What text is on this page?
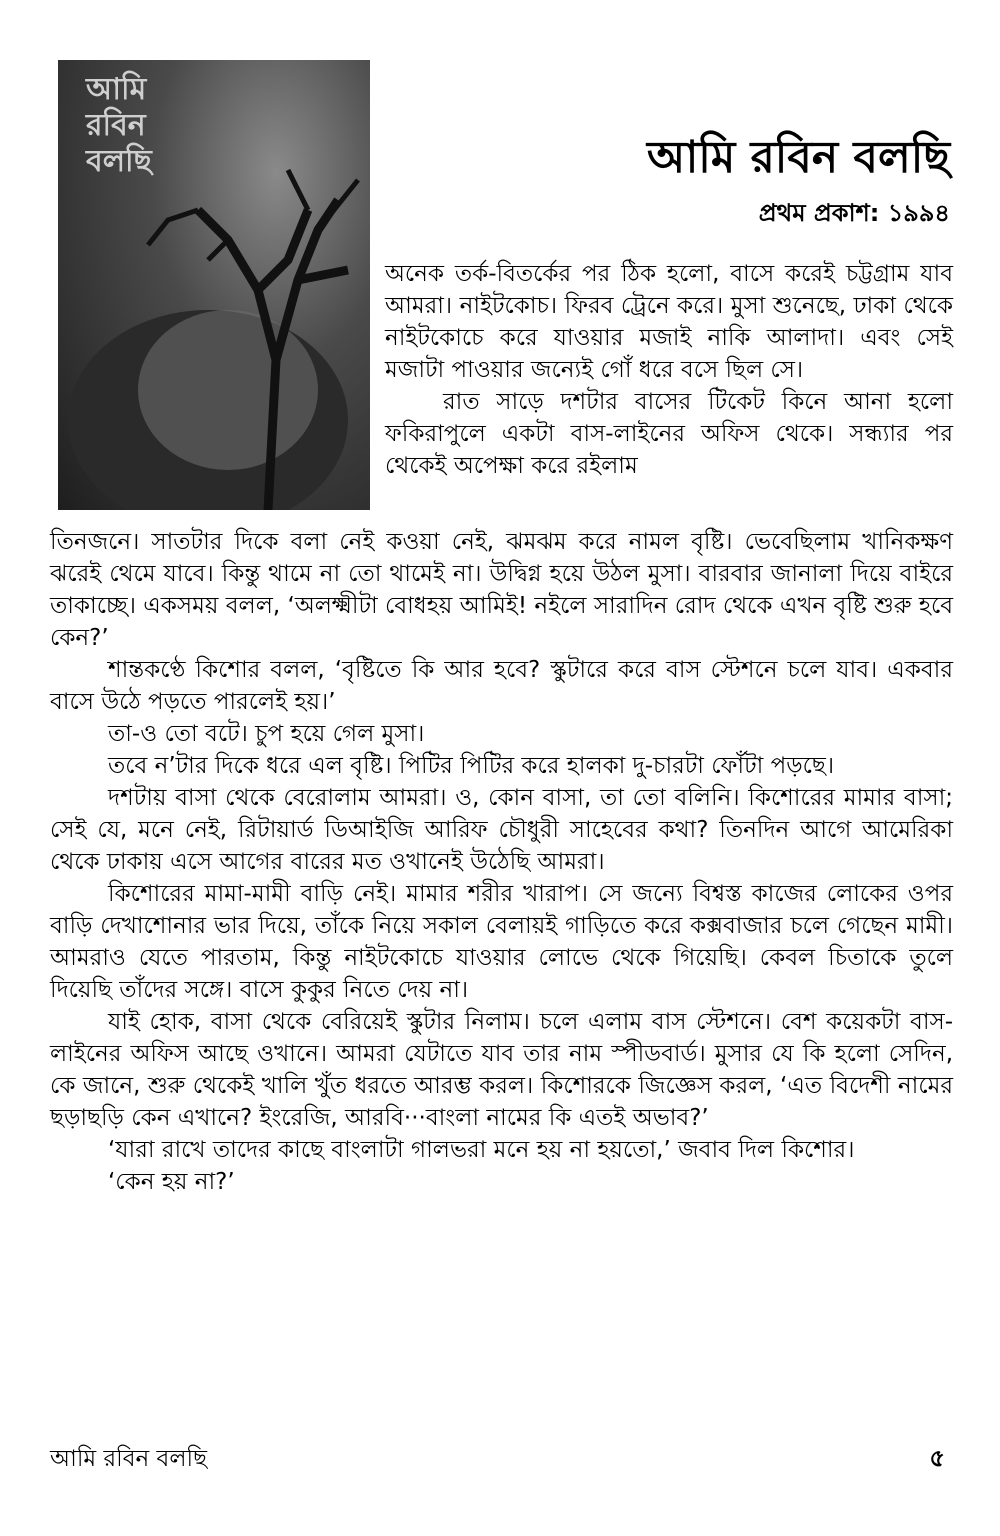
আমি
রবিন
বলছি	আমি রবিন বলছি
প্রথম প্রকাশ: ১৯৯৪

অনেক তর্ক-বিতর্কের পর ঠিক হলো, বাসে করেই চট্টগ্রাম যাব আমরা। নাইটকোচ। ফিরব ট্রেনে করে। মুসা শুনেছে, ঢাকা থেকে নাইটকোচে করে যাওয়ার মজাই নাকি আলাদা। এবং সেই মজাটা পাওয়ার জন্যেই গোঁ ধরে বসে ছিল সে।

রাত সাড়ে দশটার বাসের টিকেট কিনে আনা হলো ফকিরাপুলে একটা বাস-লাইনের অফিস থেকে। সন্ধ্যার পর থেকেই অপেক্ষা করে রইলাম

তিনজনে। সাতটার দিকে বলা নেই কওয়া নেই, ঝমঝম করে নামল বৃষ্টি। ভেবেছিলাম খানিকক্ষণ ঝরেই থেমে যাবে। কিন্তু থামে না তো থামেই না। উদ্বিগ্ন হয়ে উঠল মুসা। বারবার জানালা দিয়ে বাইরে তাকাচ্ছে। একসময় বলল, ‘অলক্ষ্মীটা বোধহয় আমিই! নইলে সারাদিন রোদ থেকে এখন বৃষ্টি শুরু হবে কেন?’

শান্তকণ্ঠে কিশোর বলল, ‘বৃষ্টিতে কি আর হবে? স্কুটারে করে বাস স্টেশনে চলে যাব। একবার বাসে উঠে পড়তে পারলেই হয়।’

তা-ও তো বটে। চুপ হয়ে গেল মুসা।

তবে ন’টার দিকে ধরে এল বৃষ্টি। পিটির পিটির করে হালকা দু-চারটা ফোঁটা পড়ছে।

দশটায় বাসা থেকে বেরোলাম আমরা। ও, কোন বাসা, তা তো বলিনি। কিশোরের মামার বাসা; সেই যে, মনে নেই, রিটায়ার্ড ডিআইজি আরিফ চৌধুরী সাহেবের কথা? তিনদিন আগে আমেরিকা থেকে ঢাকায় এসে আগের বারের মত ওখানেই উঠেছি আমরা।

কিশোরের মামা-মামী বাড়ি নেই। মামার শরীর খারাপ। সে জন্যে বিশ্বস্ত কাজের লোকের ওপর বাড়ি দেখাশোনার ভার দিয়ে, তাঁকে নিয়ে সকাল বেলায়ই গাড়িতে করে কক্সবাজার চলে গেছেন মামী। আমরাও যেতে পারতাম, কিন্তু নাইটকোচে যাওয়ার লোভে থেকে গিয়েছি। কেবল চিতাকে তুলে দিয়েছি তাঁদের সঙ্গে। বাসে কুকুর নিতে দেয় না।

যাই হোক, বাসা থেকে বেরিয়েই স্কুটার নিলাম। চলে এলাম বাস স্টেশনে। বেশ কয়েকটা বাস-লাইনের অফিস আছে ওখানে। আমরা যেটাতে যাব তার নাম স্পীডবার্ড। মুসার যে কি হলো সেদিন, কে জানে, শুরু থেকেই খালি খুঁত ধরতে আরম্ভ করল। কিশোরকে জিজ্ঞেস করল, ‘এত বিদেশী নামের ছড়াছড়ি কেন এখানে? ইংরেজি, আরবি···বাংলা নামের কি এতই অভাব?’

‘যারা রাখে তাদের কাছে বাংলাটা গালভরা মনে হয় না হয়তো,’ জবাব দিল কিশোর।

‘কেন হয় না?’

আমি রবিন বলছি	৫
